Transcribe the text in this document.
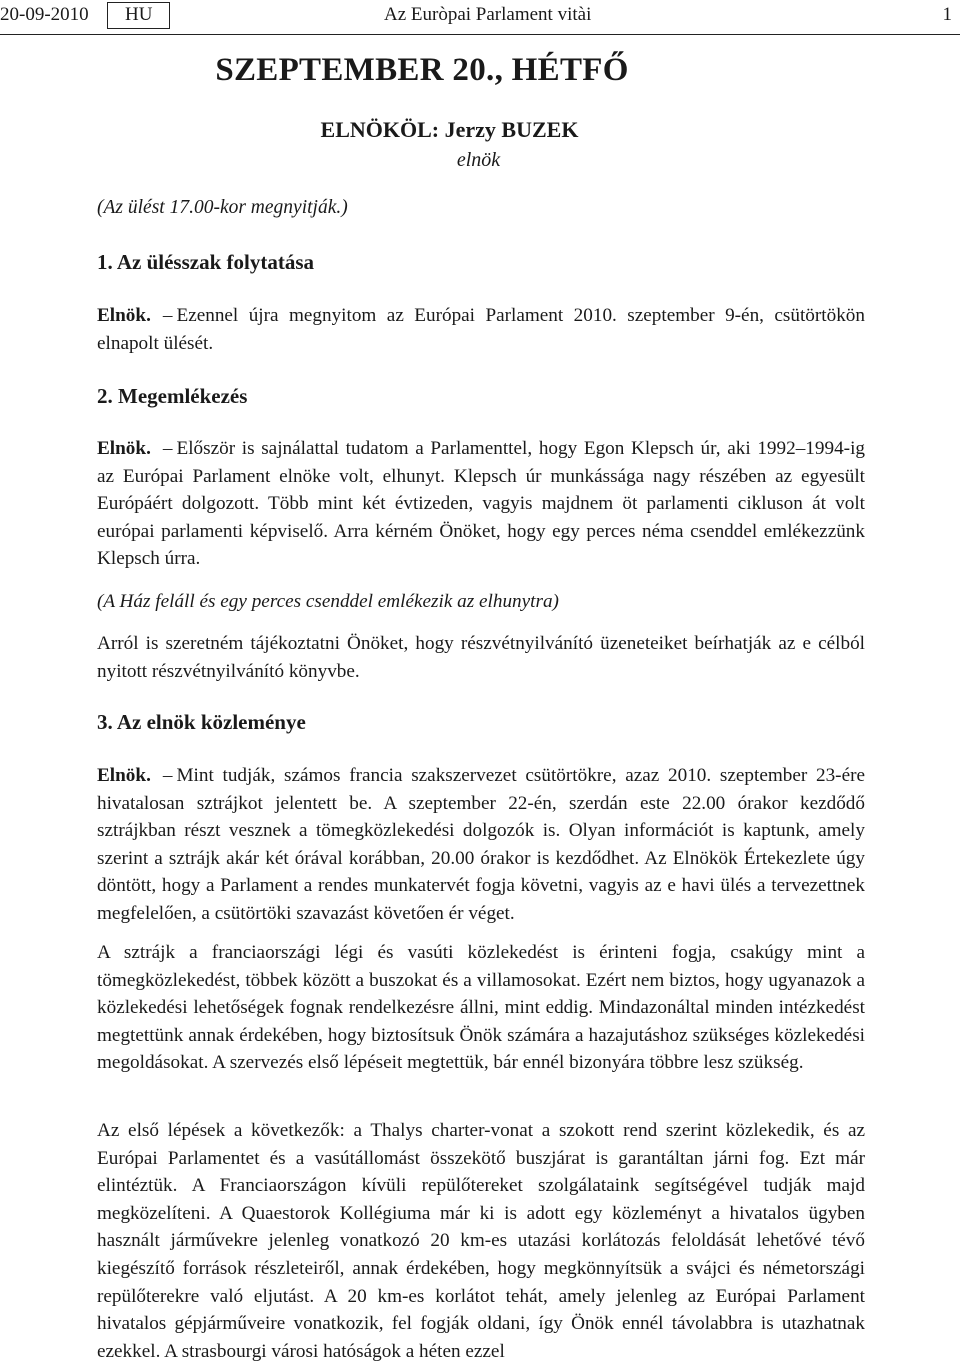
20-09-2010	HU	Az Euròpai Parlament vitài	1
SZEPTEMBER 20., HÉTFŐ
ELNÖKÖL: Jerzy BUZEK
elnök
(Az ülést 17.00-kor megnyitják.)
1. Az ülésszak folytatása

Elnök. – Ezennel újra megnyitom az Európai Parlament 2010. szeptember 9-én, csütörtökön elnapolt ülését.

2. Megemlékezés

Elnök. – Először is sajnálattal tudatom a Parlamenttel, hogy Egon Klepsch úr, aki 1992–1994-ig az Európai Parlament elnöke volt, elhunyt. Klepsch úr munkássága nagy részében az egyesült Európáért dolgozott. Több mint két évtizeden, vagyis majdnem öt parlamenti cikluson át volt európai parlamenti képviselő. Arra kérném Önöket, hogy egy perces néma csenddel emlékezzünk Klepsch úrra.

(A Ház feláll és egy perces csenddel emlékezik az elhunytra)

Arról is szeretném tájékoztatni Önöket, hogy részvétnyilvánító üzeneteiket beírhatják az e célból nyitott részvétnyilvánító könyvbe.

3. Az elnök közleménye

Elnök. – Mint tudják, számos francia szakszervezet csütörtökre, azaz 2010. szeptember 23-ére hivatalosan sztrájkot jelentett be. A szeptember 22-én, szerdán este 22.00 órakor kezdődő sztrájkban részt vesznek a tömegközlekedési dolgozók is. Olyan információt is kaptunk, amely szerint a sztrájk akár két órával korábban, 20.00 órakor is kezdődhet. Az Elnökök Értekezlete úgy döntött, hogy a Parlament a rendes munkatervét fogja követni, vagyis az e havi ülés a tervezettnek megfelelően, a csütörtöki szavazást követően ér véget.

A sztrájk a franciaországi légi és vasúti közlekedést is érinteni fogja, csakúgy mint a tömegközlekedést, többek között a buszokat és a villamosokat. Ezért nem biztos, hogy ugyanazok a közlekedési lehetőségek fognak rendelkezésre állni, mint eddig. Mindazonáltal minden intézkedést megtettünk annak érdekében, hogy biztosítsuk Önök számára a hazajutáshoz szükséges közlekedési megoldásokat. A szervezés első lépéseit megtettük, bár ennél bizonyára többre lesz szükség.

Az első lépések a következők: a Thalys charter-vonat a szokott rend szerint közlekedik, és az Európai Parlamentet és a vasútállomást összekötő buszjárat is garantáltan járni fog. Ezt már elintéztük. A Franciaországon kívüli repülőtereket szolgálataink segítségével tudják majd megközelíteni. A Quaestorok Kollégiuma már ki is adott egy közleményt a hivatalos ügyben használt járművekre jelenleg vonatkozó 20 km-es utazási korlátozás feloldását lehetővé tévő kiegészítő források részleteiről, annak érdekében, hogy megkönnyítsük a svájci és németországi repülőterekre való eljutást. A 20 km-es korlátot tehát, amely jelenleg az Európai Parlament hivatalos gépjárműveire vonatkozik, fel fogják oldani, így Önök ennél távolabbra is utazhatnak ezekkel. A strasbourgi városi hatóságok a héten ezzel
